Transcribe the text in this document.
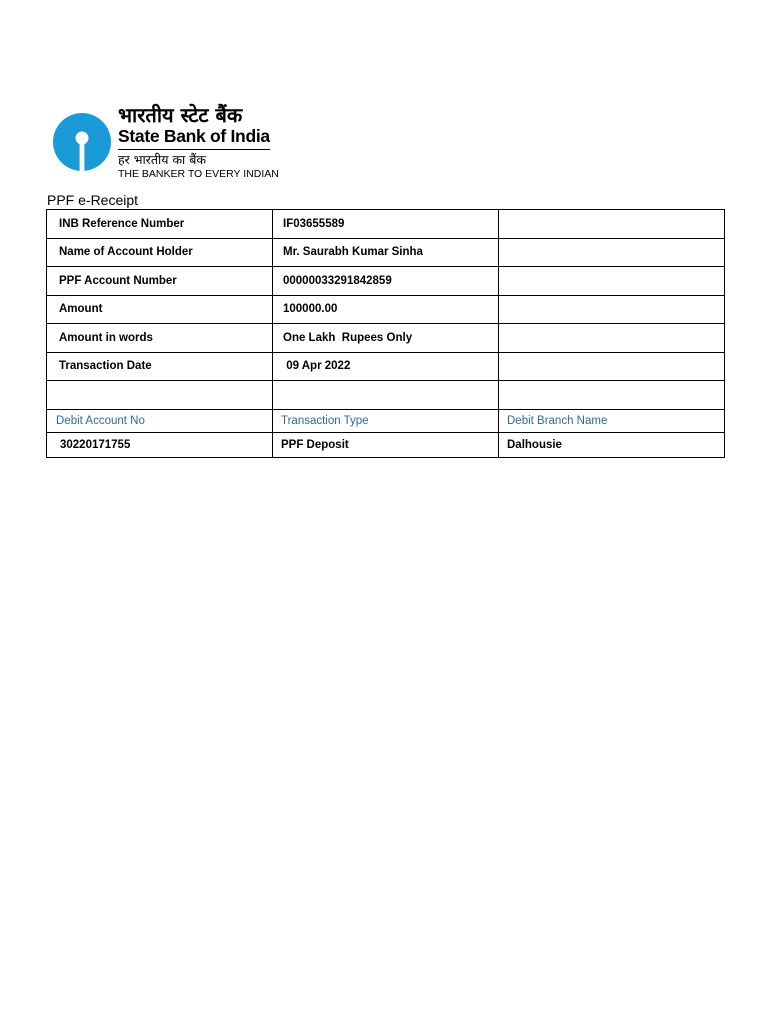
भारतीय स्टेट बैंक
State Bank of India
हर भारतीय का बैंक
THE BANKER TO EVERY INDIAN
PPF e-Receipt
INB Reference Number	IF03655589	
Name of Account Holder	Mr. Saurabh Kumar Sinha	
PPF Account Number	00000033291842859	
Amount	100000.00	
Amount in words	One Lakh  Rupees Only	
Transaction Date	09 Apr 2022	

Debit Account No	Transaction Type	Debit Branch Name
30220171755	PPF Deposit	Dalhousie
